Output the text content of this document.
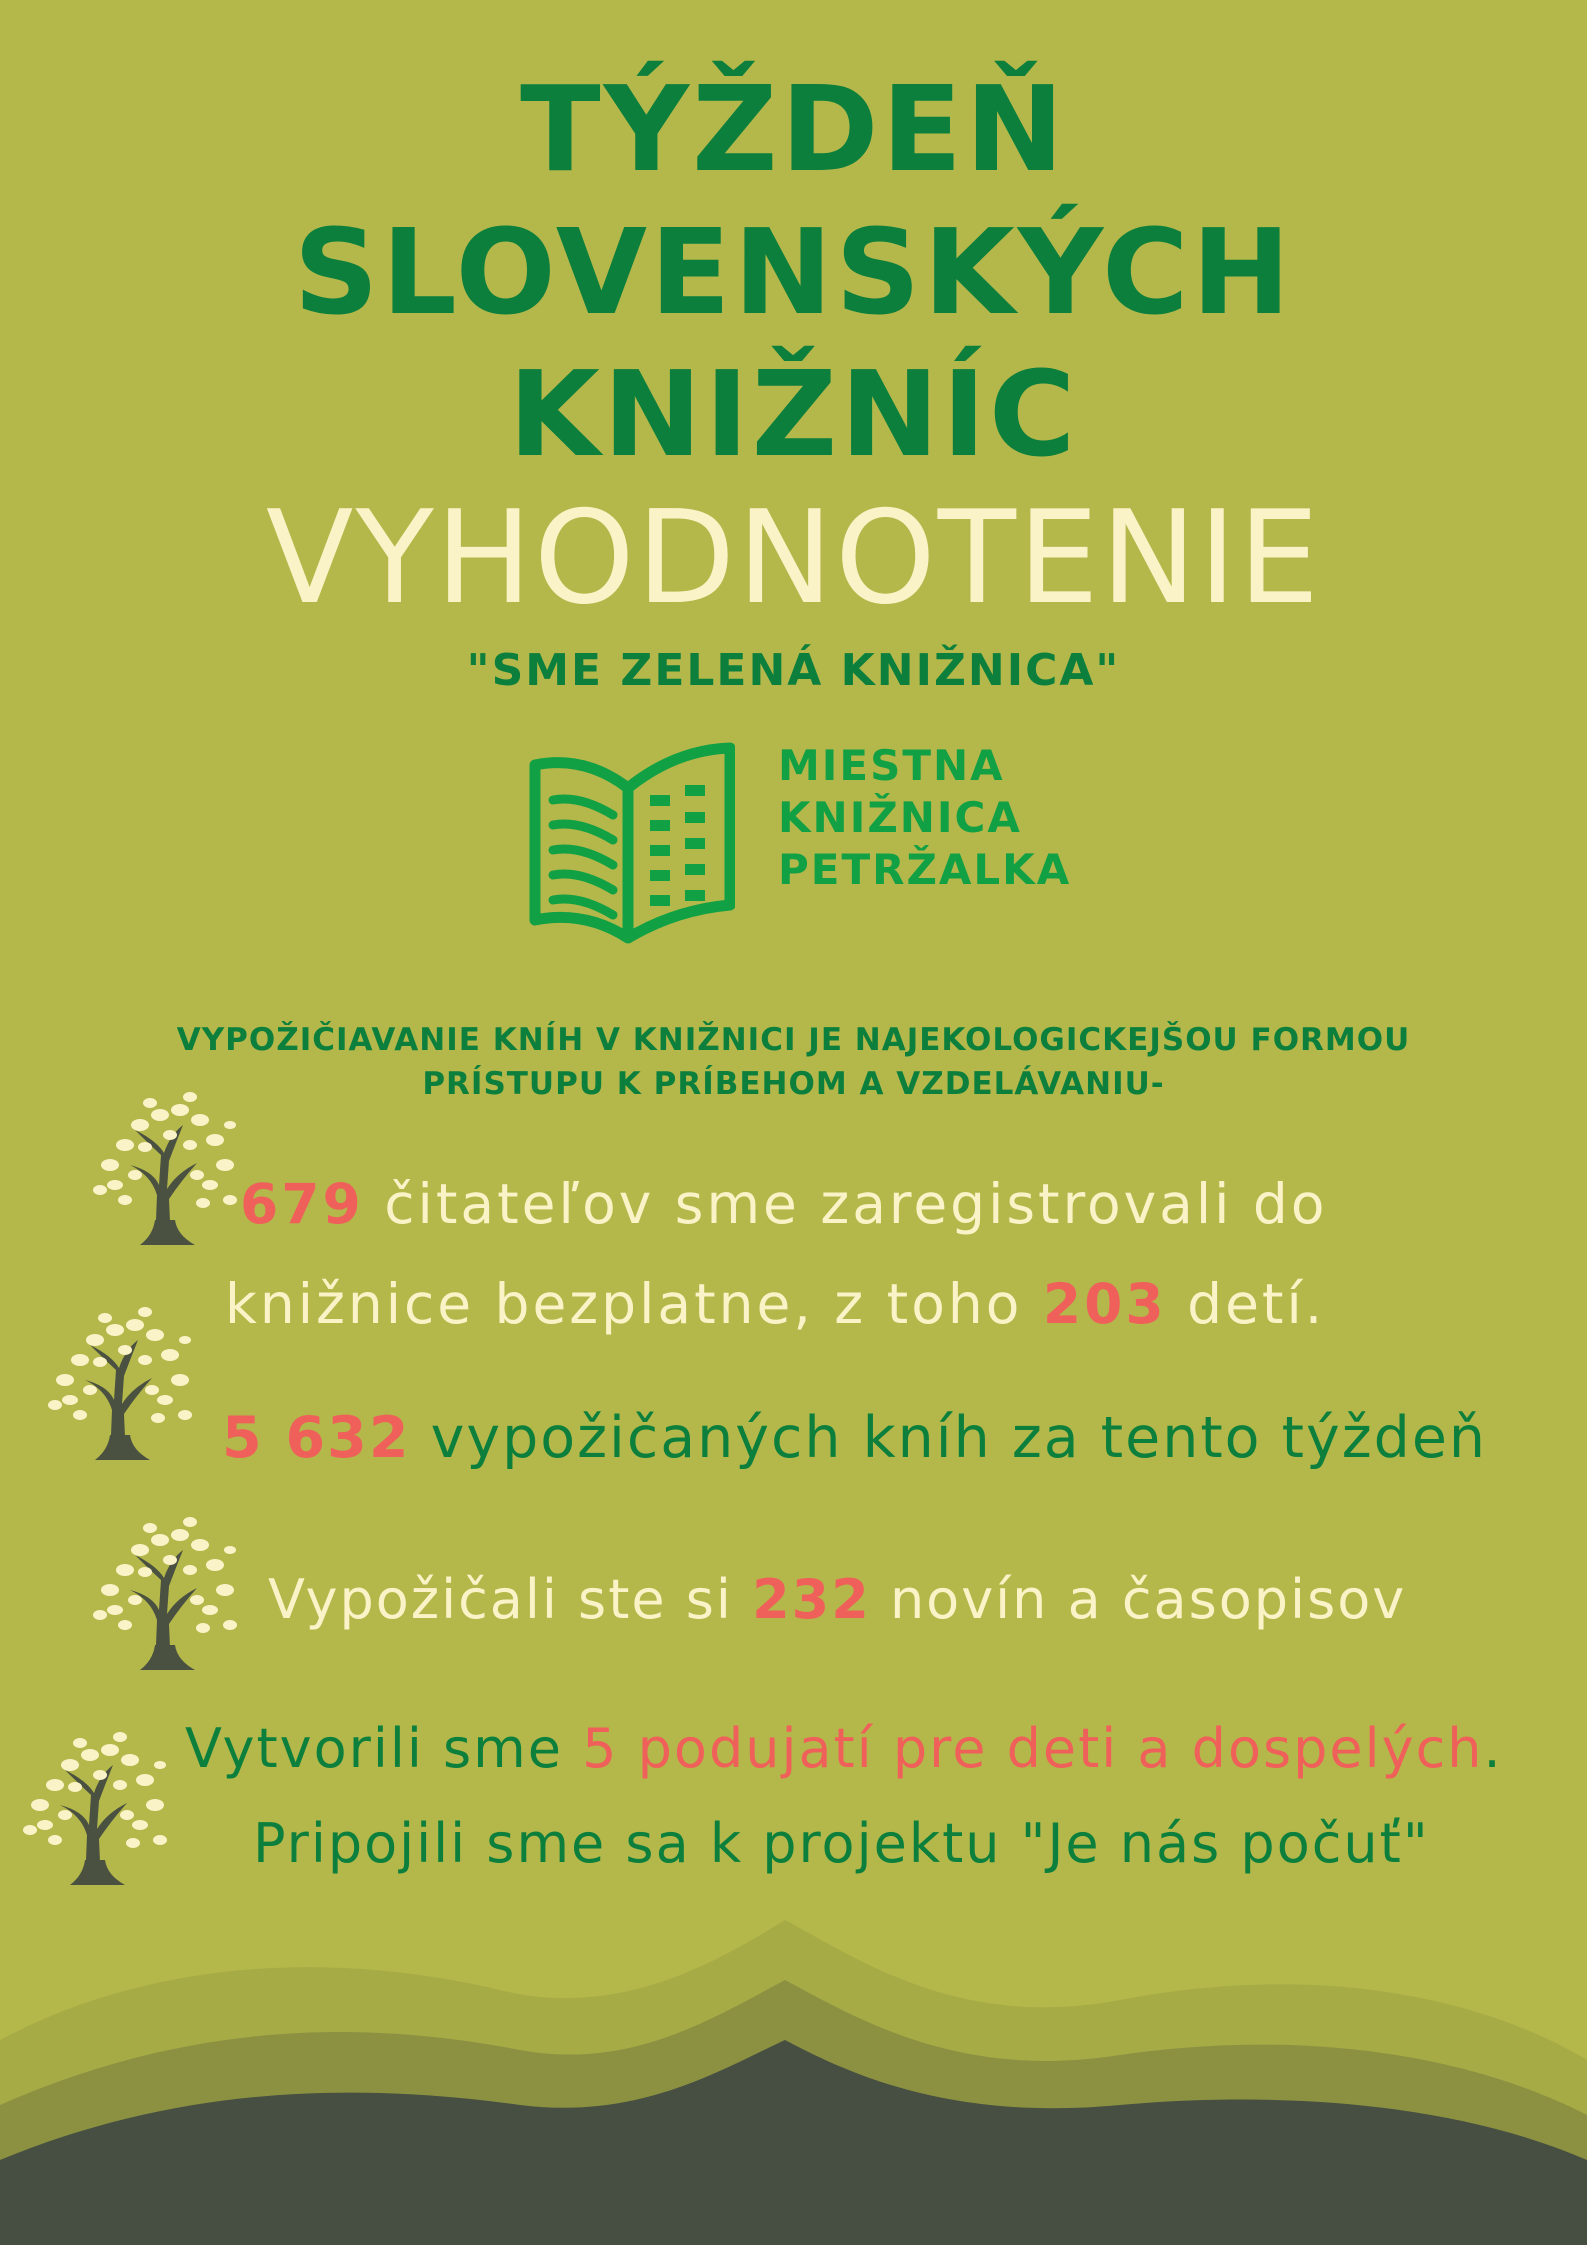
TÝŽDEŇ
SLOVENSKÝCH
KNIŽNÍC
VYHODNOTENIE
"SME ZELENÁ KNIŽNICA"
MIESTNA
KNIŽNICA
PETRŽALKA
VYPOŽIČIAVANIE KNÍH V KNIŽNICI JE NAJEKOLOGICKEJŠOU FORMOU
PRÍSTUPU K PRÍBEHOM A VZDELÁVANIU-
679 čitateľov sme zaregistrovali do
knižnice bezplatne, z toho 203 detí.
5 632 vypožičaných kníh za tento týždeň
Vypožičali ste si 232 novín a časopisov
Vytvorili sme 5 podujatí pre deti a dospelých.
Pripojili sme sa k projektu "Je nás počuť"
